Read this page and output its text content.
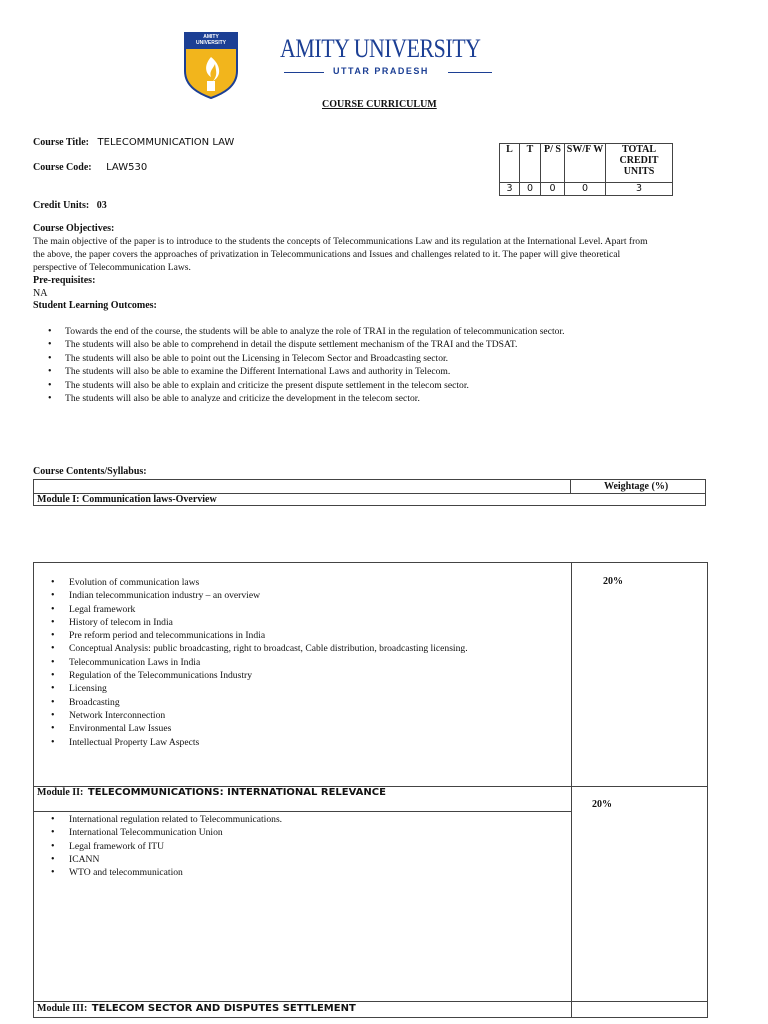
AMITY UNIVERSITY AMITY UNIVERSITY
UTTAR PRADESH
COURSE CURRICULUM
Course Title: TELECOMMUNICATION LAW
Course Code: LAW530
Credit Units: 03
L	T	P/ S	SW/F W	TOTAL CREDIT UNITS
3	0	0	0	3
Course Objectives:
The main objective of the paper is to introduce to the students the concepts of Telecommunications Law and its regulation at the International Level. Apart from
the above, the paper covers the approaches of privatization in Telecommunications and Issues and challenges related to it. The paper will give theoretical
perspective of Telecommunication Laws.
Pre-requisites:
NA
Student Learning Outcomes:
• Towards the end of the course, the students will be able to analyze the role of TRAI in the regulation of telecommunication sector.
• The students will also be able to comprehend in detail the dispute settlement mechanism of the TRAI and the TDSAT.
• The students will also be able to point out the Licensing in Telecom Sector and Broadcasting sector.
• The students will also be able to examine the Different International Laws and authority in Telecom.
• The students will also be able to explain and criticize the present dispute settlement in the telecom sector.
• The students will also be able to analyze and criticize the development in the telecom sector.
Course Contents/Syllabus:
Weightage (%)
Module I: Communication laws-Overview
20%
• Evolution of communication laws
• Indian telecommunication industry – an overview
• Legal framework
• History of telecom in India
• Pre reform period and telecommunications in India
• Conceptual Analysis: public broadcasting, right to broadcast, Cable distribution, broadcasting licensing.
• Telecommunication Laws in India
• Regulation of the Telecommunications Industry
• Licensing
• Broadcasting
• Network Interconnection
• Environmental Law Issues
• Intellectual Property Law Aspects
Module II: TELECOMMUNICATIONS: INTERNATIONAL RELEVANCE
20%
• International regulation related to Telecommunications.
• International Telecommunication Union
• Legal framework of ITU
• ICANN
• WTO and telecommunication
Module III: TELECOM SECTOR AND DISPUTES SETTLEMENT
